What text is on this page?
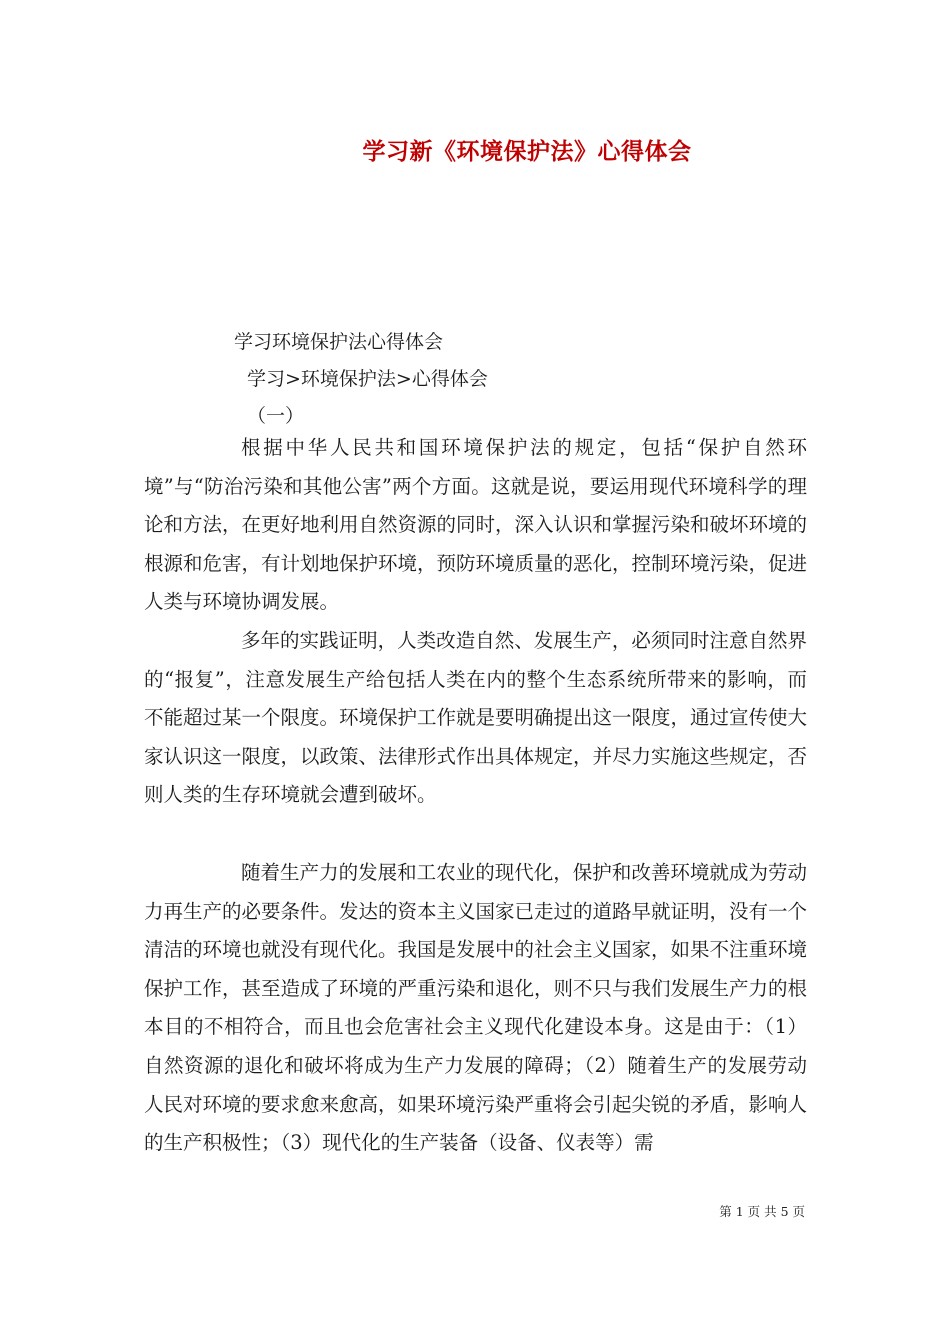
学习新《环境保护法》心得体会
学习环境保护法心得体会
学习>环境保护法>心得体会
（一）

根据中华人民共和国环境保护法的规定，包括“保护自然环境”与“防治污染和其他公害”两个方面。这就是说，要运用现代环境科学的理论和方法，在更好地利用自然资源的同时，深入认识和掌握污染和破坏环境的根源和危害，有计划地保护环境，预防环境质量的恶化，控制环境污染，促进人类与环境协调发展。

多年的实践证明，人类改造自然、发展生产，必须同时注意自然界的“报复”，注意发展生产给包括人类在内的整个生态系统所带来的影响，而不能超过某一个限度。环境保护工作就是要明确提出这一限度，通过宣传使大家认识这一限度，以政策、法律形式作出具体规定，并尽力实施这些规定，否则人类的生存环境就会遭到破坏。

随着生产力的发展和工农业的现代化，保护和改善环境就成为劳动力再生产的必要条件。发达的资本主义国家已走过的道路早就证明，没有一个清洁的环境也就没有现代化。我国是发展中的社会主义国家，如果不注重环境保护工作，甚至造成了环境的严重污染和退化，则不只与我们发展生产力的根本目的不相符合，而且也会危害社会主义现代化建设本身。这是由于：（1）自然资源的退化和破坏将成为生产力发展的障碍；（2）随着生产的发展劳动人民对环境的要求愈来愈高，如果环境污染严重将会引起尖锐的矛盾，影响人的生产积极性；（3）现代化的生产装备（设备、仪表等）需

第 1 页 共 5 页
